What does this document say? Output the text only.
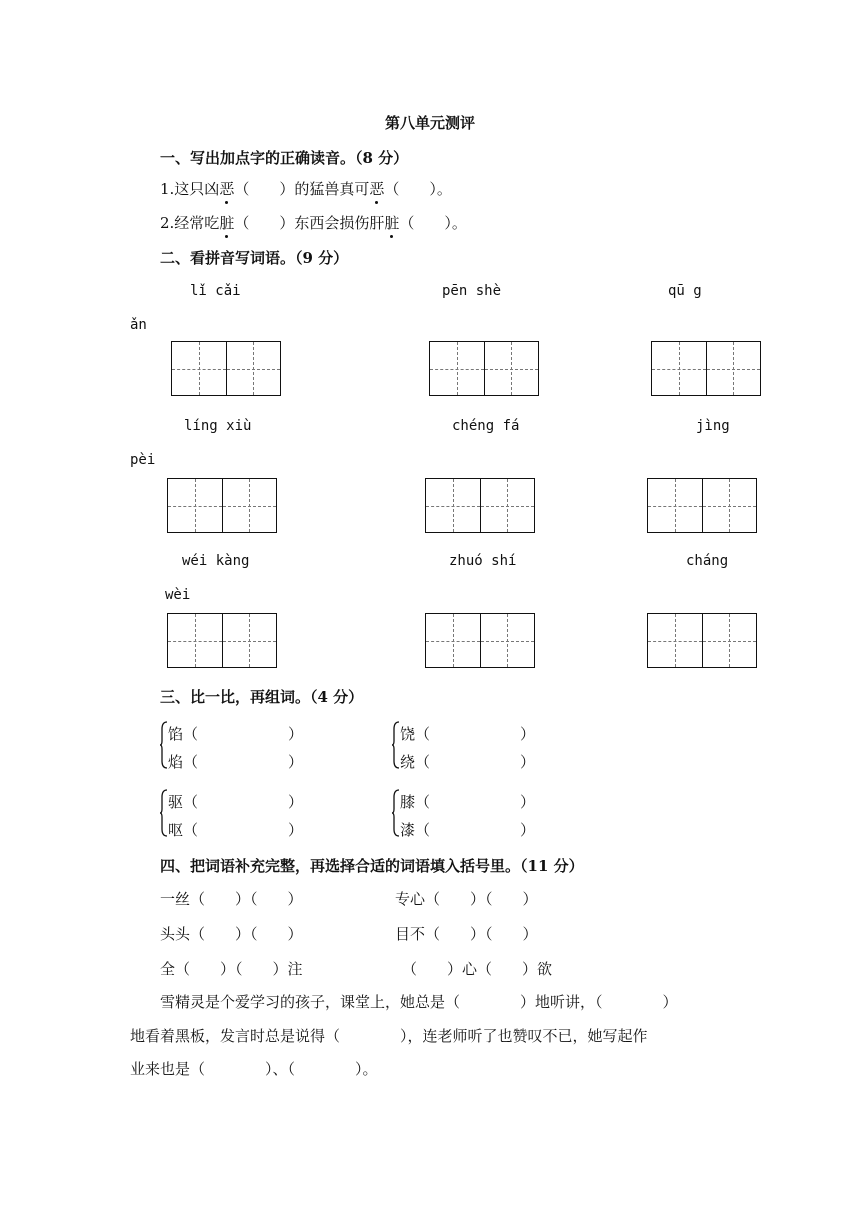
第八单元测评
一、写出加点字的正确读音。（8 分）
1.这只凶恶（　　）的猛兽真可恶（　　）。
2.经常吃脏（　　）东西会损伤肝脏（　　）。
二、看拼音写词语。（9 分）
lǐ cǎi	pēn shè	qū g
ǎn
líng xiù	chéng fá	jìng
pèi
wéi kàng	zhuó shí	cháng
wèi
三、比一比，再组词。（4 分）
馅（　　　　　　）
焰（　　　　　　）
饶（　　　　　　）
绕（　　　　　　）
驱（　　　　　　）
呕（　　　　　　）
膝（　　　　　　）
漆（　　　　　　）
四、把词语补充完整，再选择合适的词语填入括号里。（11 分）
一丝（　　）（　　）	专心（　　）（　　）
头头（　　）（　　）	目不（　　）（　　）
全（　　）（　　）注	（　　）心（　　）欲
雪精灵是个爱学习的孩子，课堂上，她总是（　　　　）地听讲，（　　　　）
地看着黑板，发言时总是说得（　　　　），连老师听了也赞叹不已，她写起作
业来也是（　　　　）、（　　　　）。
